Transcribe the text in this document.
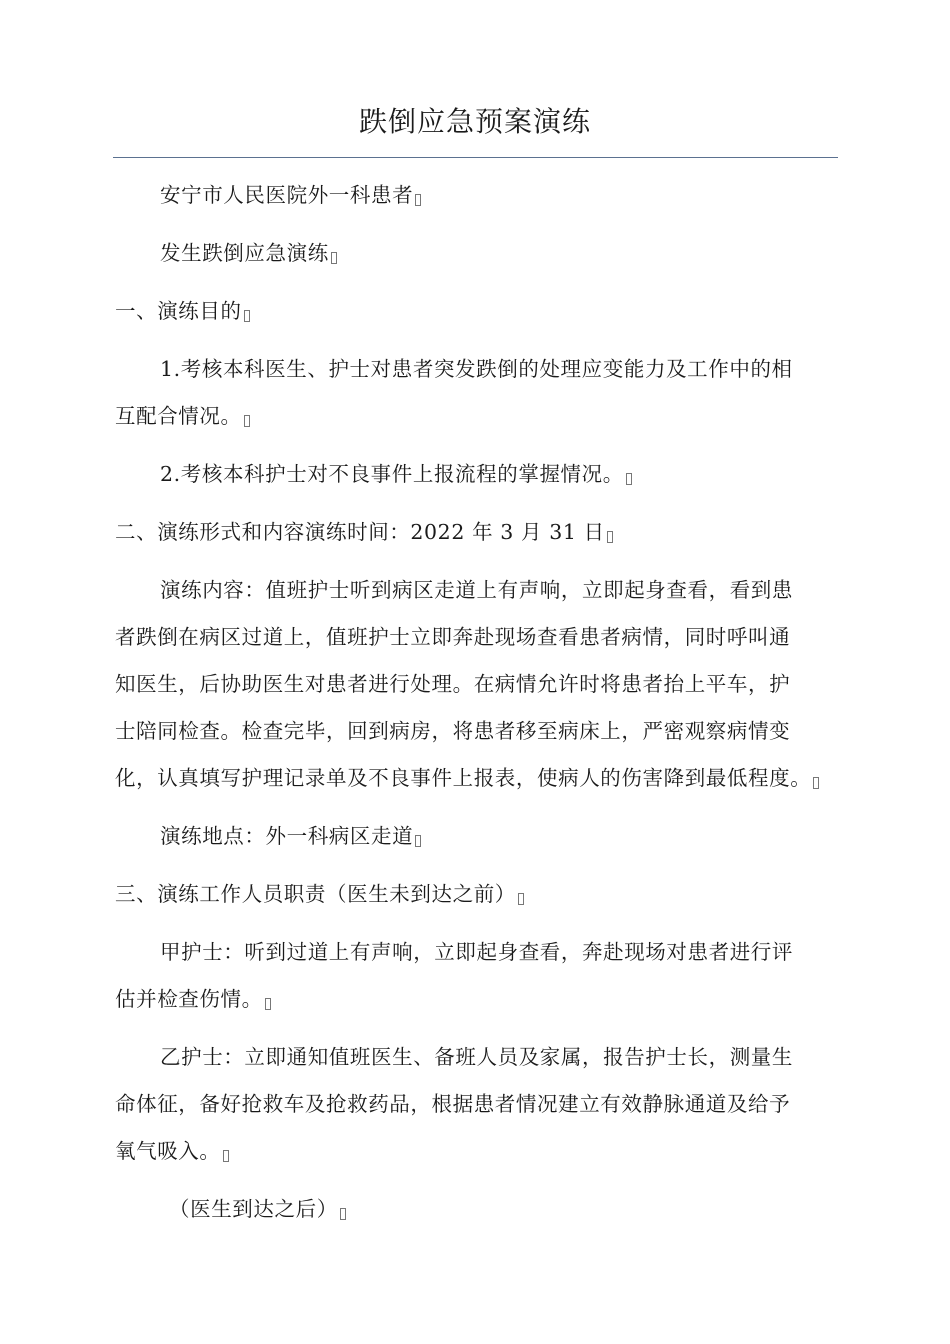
跌倒应急预案演练

安宁市人民医院外一科患者

发生跌倒应急演练

一、演练目的

1.考核本科医生、护士对患者突发跌倒的处理应变能力及工作中的相
互配合情况。

2.考核本科护士对不良事件上报流程的掌握情况。

二、演练形式和内容演练时间：2022 年 3 月 31 日

演练内容：值班护士听到病区走道上有声响，立即起身查看，看到患
者跌倒在病区过道上，值班护士立即奔赴现场查看患者病情，同时呼叫通
知医生，后协助医生对患者进行处理。在病情允许时将患者抬上平车，护
士陪同检查。检查完毕，回到病房，将患者移至病床上，严密观察病情变
化，认真填写护理记录单及不良事件上报表，使病人的伤害降到最低程度。

演练地点：外一科病区走道

三、演练工作人员职责（医生未到达之前）

甲护士：听到过道上有声响，立即起身查看，奔赴现场对患者进行评
估并检查伤情。

乙护士：立即通知值班医生、备班人员及家属，报告护士长，测量生
命体征，备好抢救车及抢救药品，根据患者情况建立有效静脉通道及给予
氧气吸入。

（医生到达之后）
